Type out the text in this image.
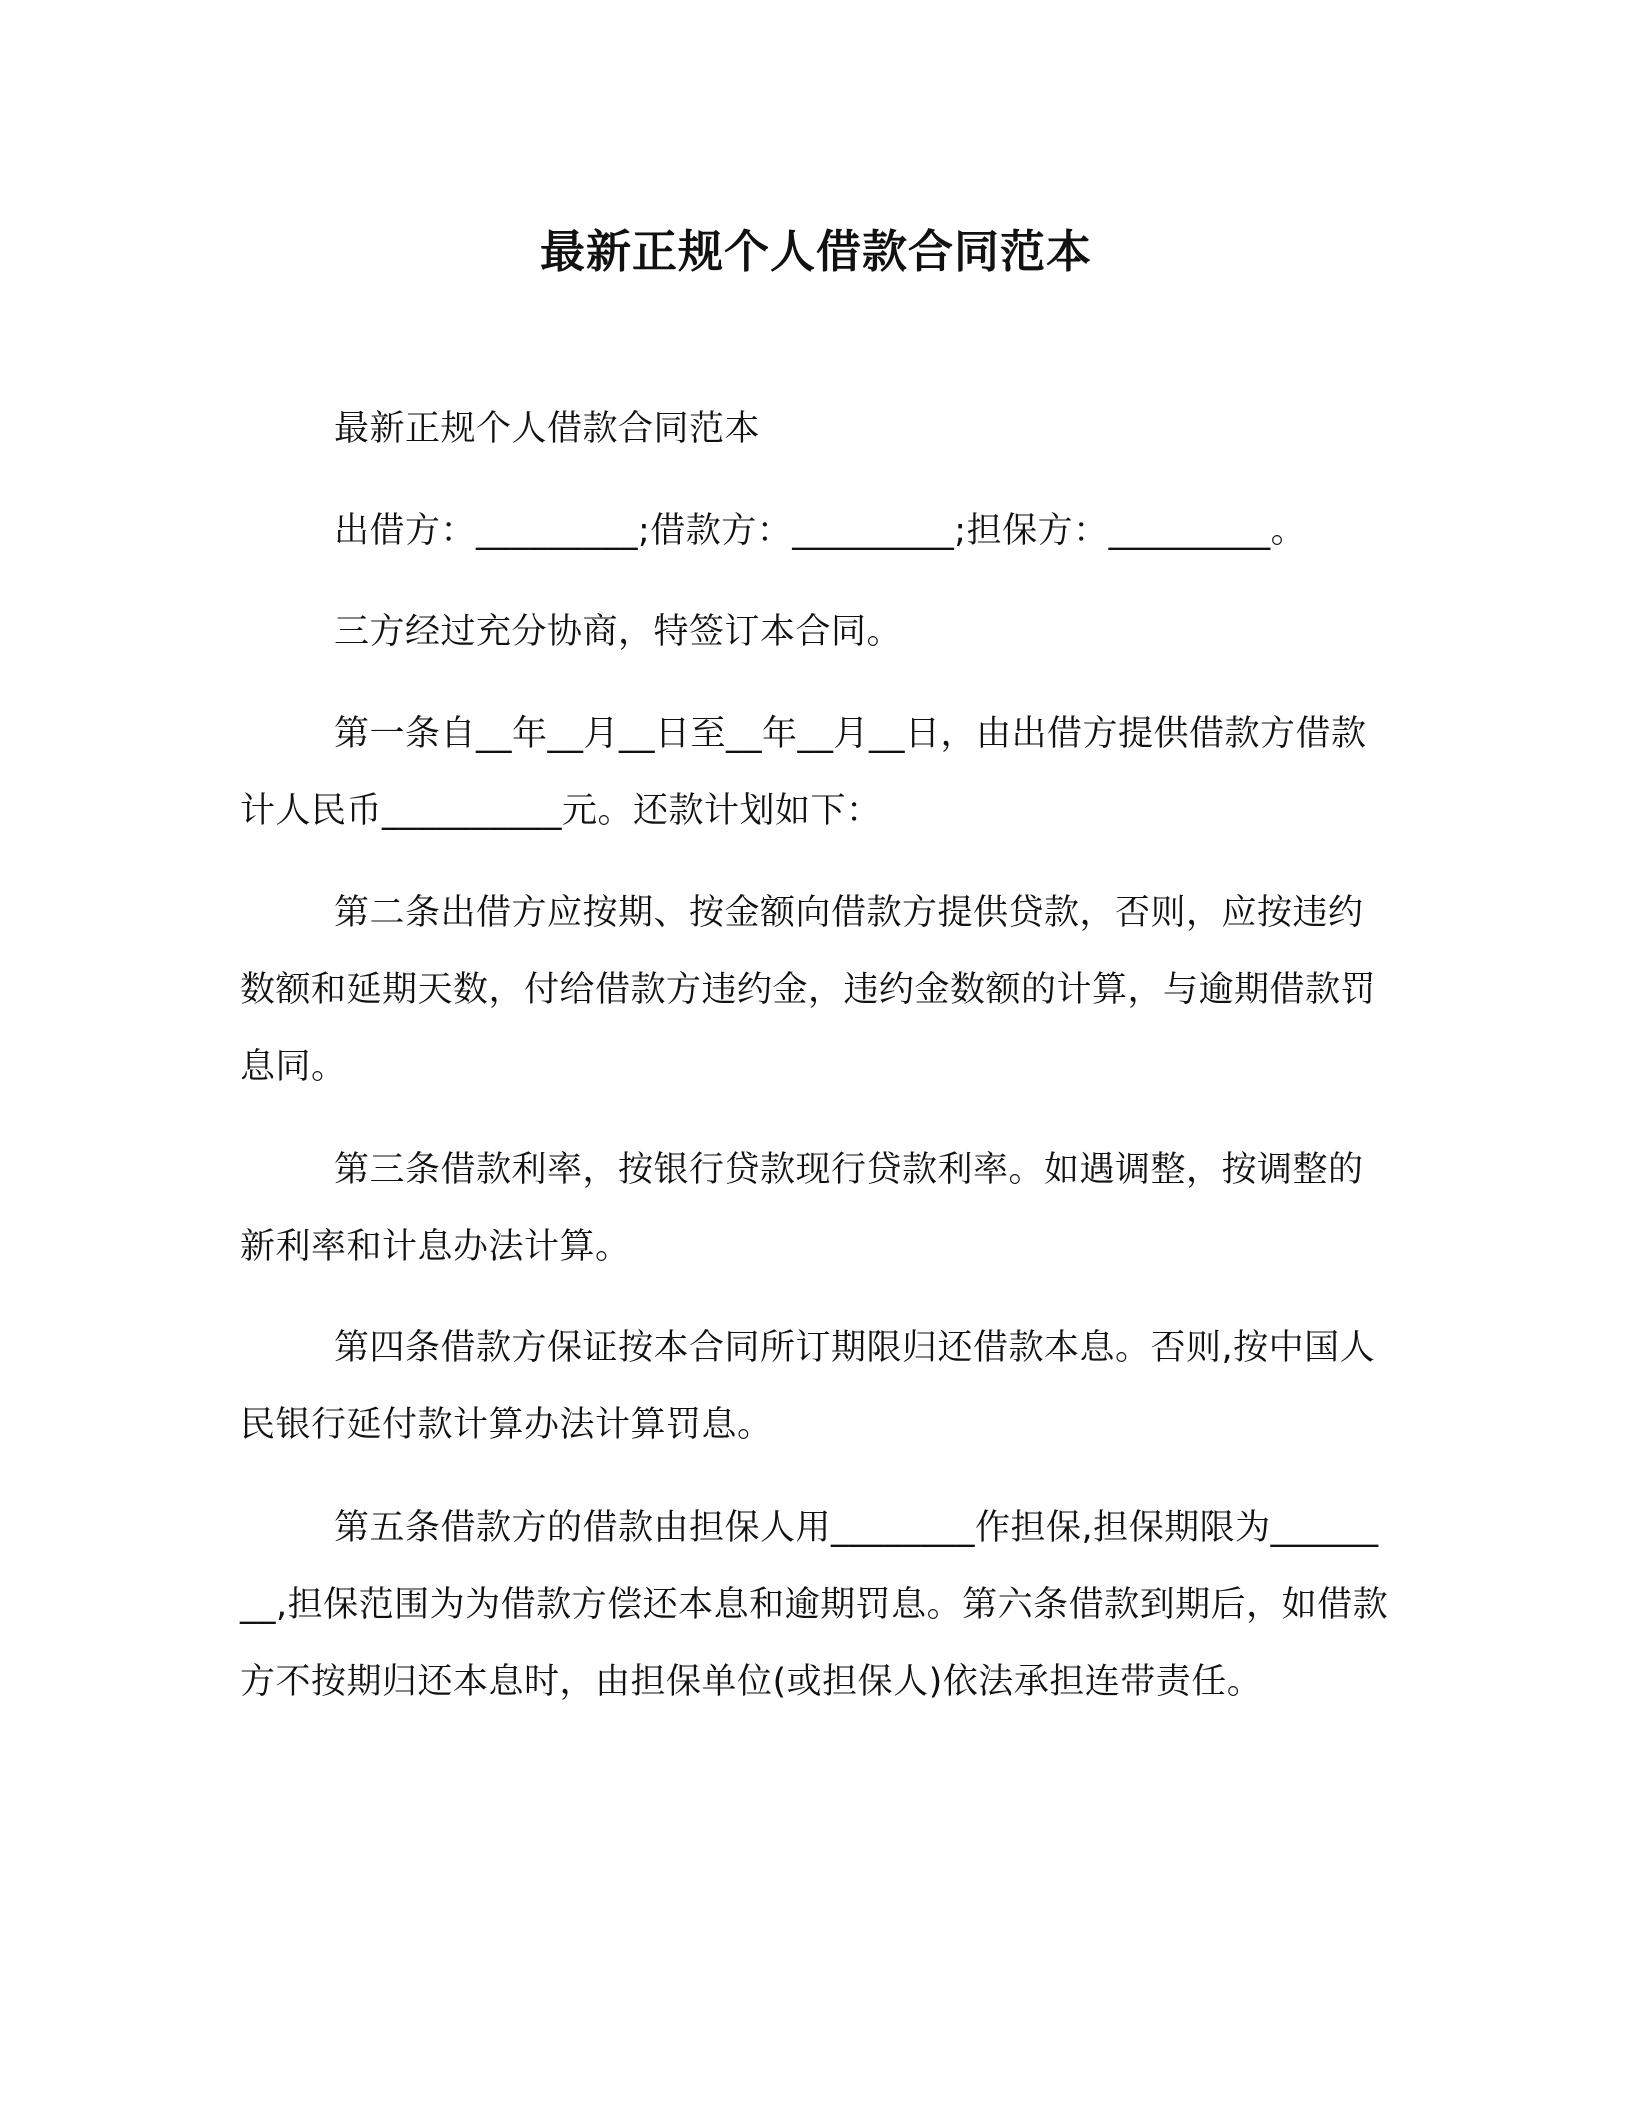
最新正规个人借款合同范本

最新正规个人借款合同范本

出借方：_________;借款方：_________;担保方：_________。

三方经过充分协商，特签订本合同。

第一条自__年__月__日至__年__月__日，由出借方提供借款方借款计人民币__________元。还款计划如下：

第二条出借方应按期、按金额向借款方提供贷款，否则，应按违约数额和延期天数，付给借款方违约金，违约金数额的计算，与逾期借款罚息同。

第三条借款利率，按银行贷款现行贷款利率。如遇调整，按调整的新利率和计息办法计算。

第四条借款方保证按本合同所订期限归还借款本息。否则,按中国人民银行延付款计算办法计算罚息。

第五条借款方的借款由担保人用________作担保,担保期限为________,担保范围为为借款方偿还本息和逾期罚息。第六条借款到期后，如借款方不按期归还本息时，由担保单位(或担保人)依法承担连带责任。
